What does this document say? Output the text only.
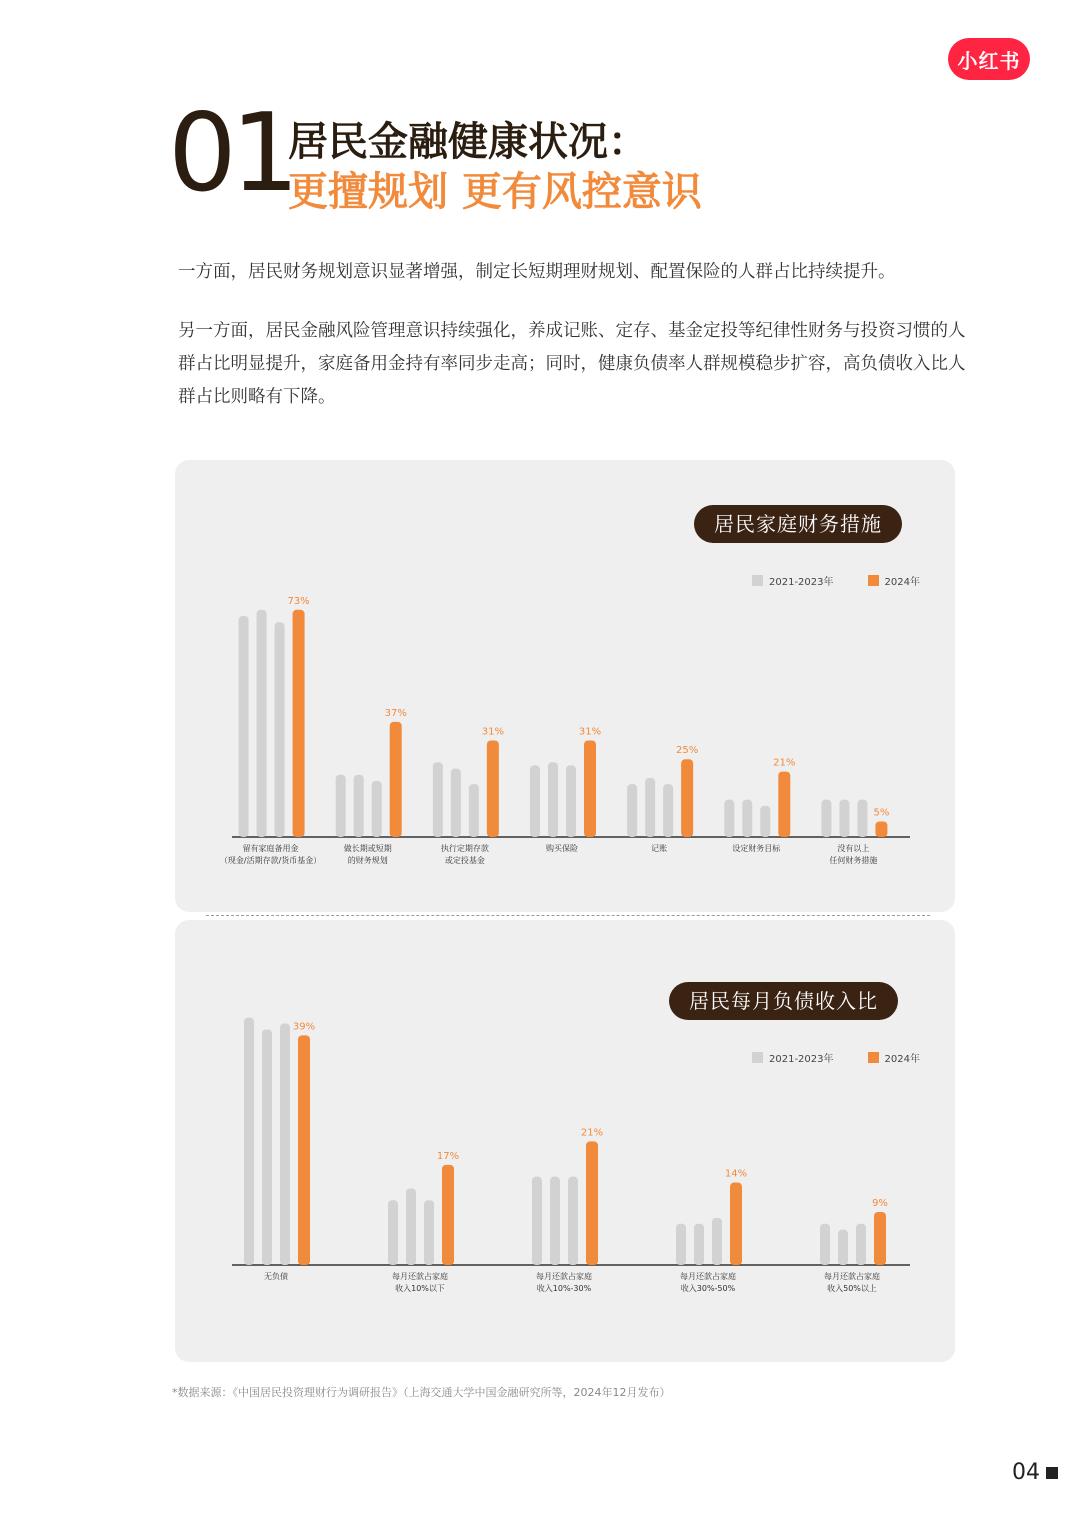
小红书
01
居民金融健康状况：
更擅规划 更有风控意识

一方面，居民财务规划意识显著增强，制定长短期理财规划、配置保险的人群占比持续提升。

另一方面，居民金融风险管理意识持续强化，养成记账、定存、基金定投等纪律性财务与投资习惯的人群占比明显提升，家庭备用金持有率同步走高；同时，健康负债率人群规模稳步扩容，高负债收入比人群占比则略有下降。

居民家庭财务措施
居民每月负债收入比
2021-2023年	2024年
2021-2023年	2024年
73%
留有家庭备用金
（现金/活期存款/货币基金）
37%
做长期或短期
的财务规划
31%
执行定期存款
或定投基金
31%
购买保险
25%
记账
21%
设定财务目标
5%
没有以上
任何财务措施
39%
无负债
17%
每月还款占家庭
收入10%以下
21%
每月还款占家庭
收入10%-30%
14%
每月还款占家庭
收入30%-50%
9%
每月还款占家庭
收入50%以上
*数据来源：《中国居民投资理财行为调研报告》（上海交通大学中国金融研究所等，2024年12月发布）
04
